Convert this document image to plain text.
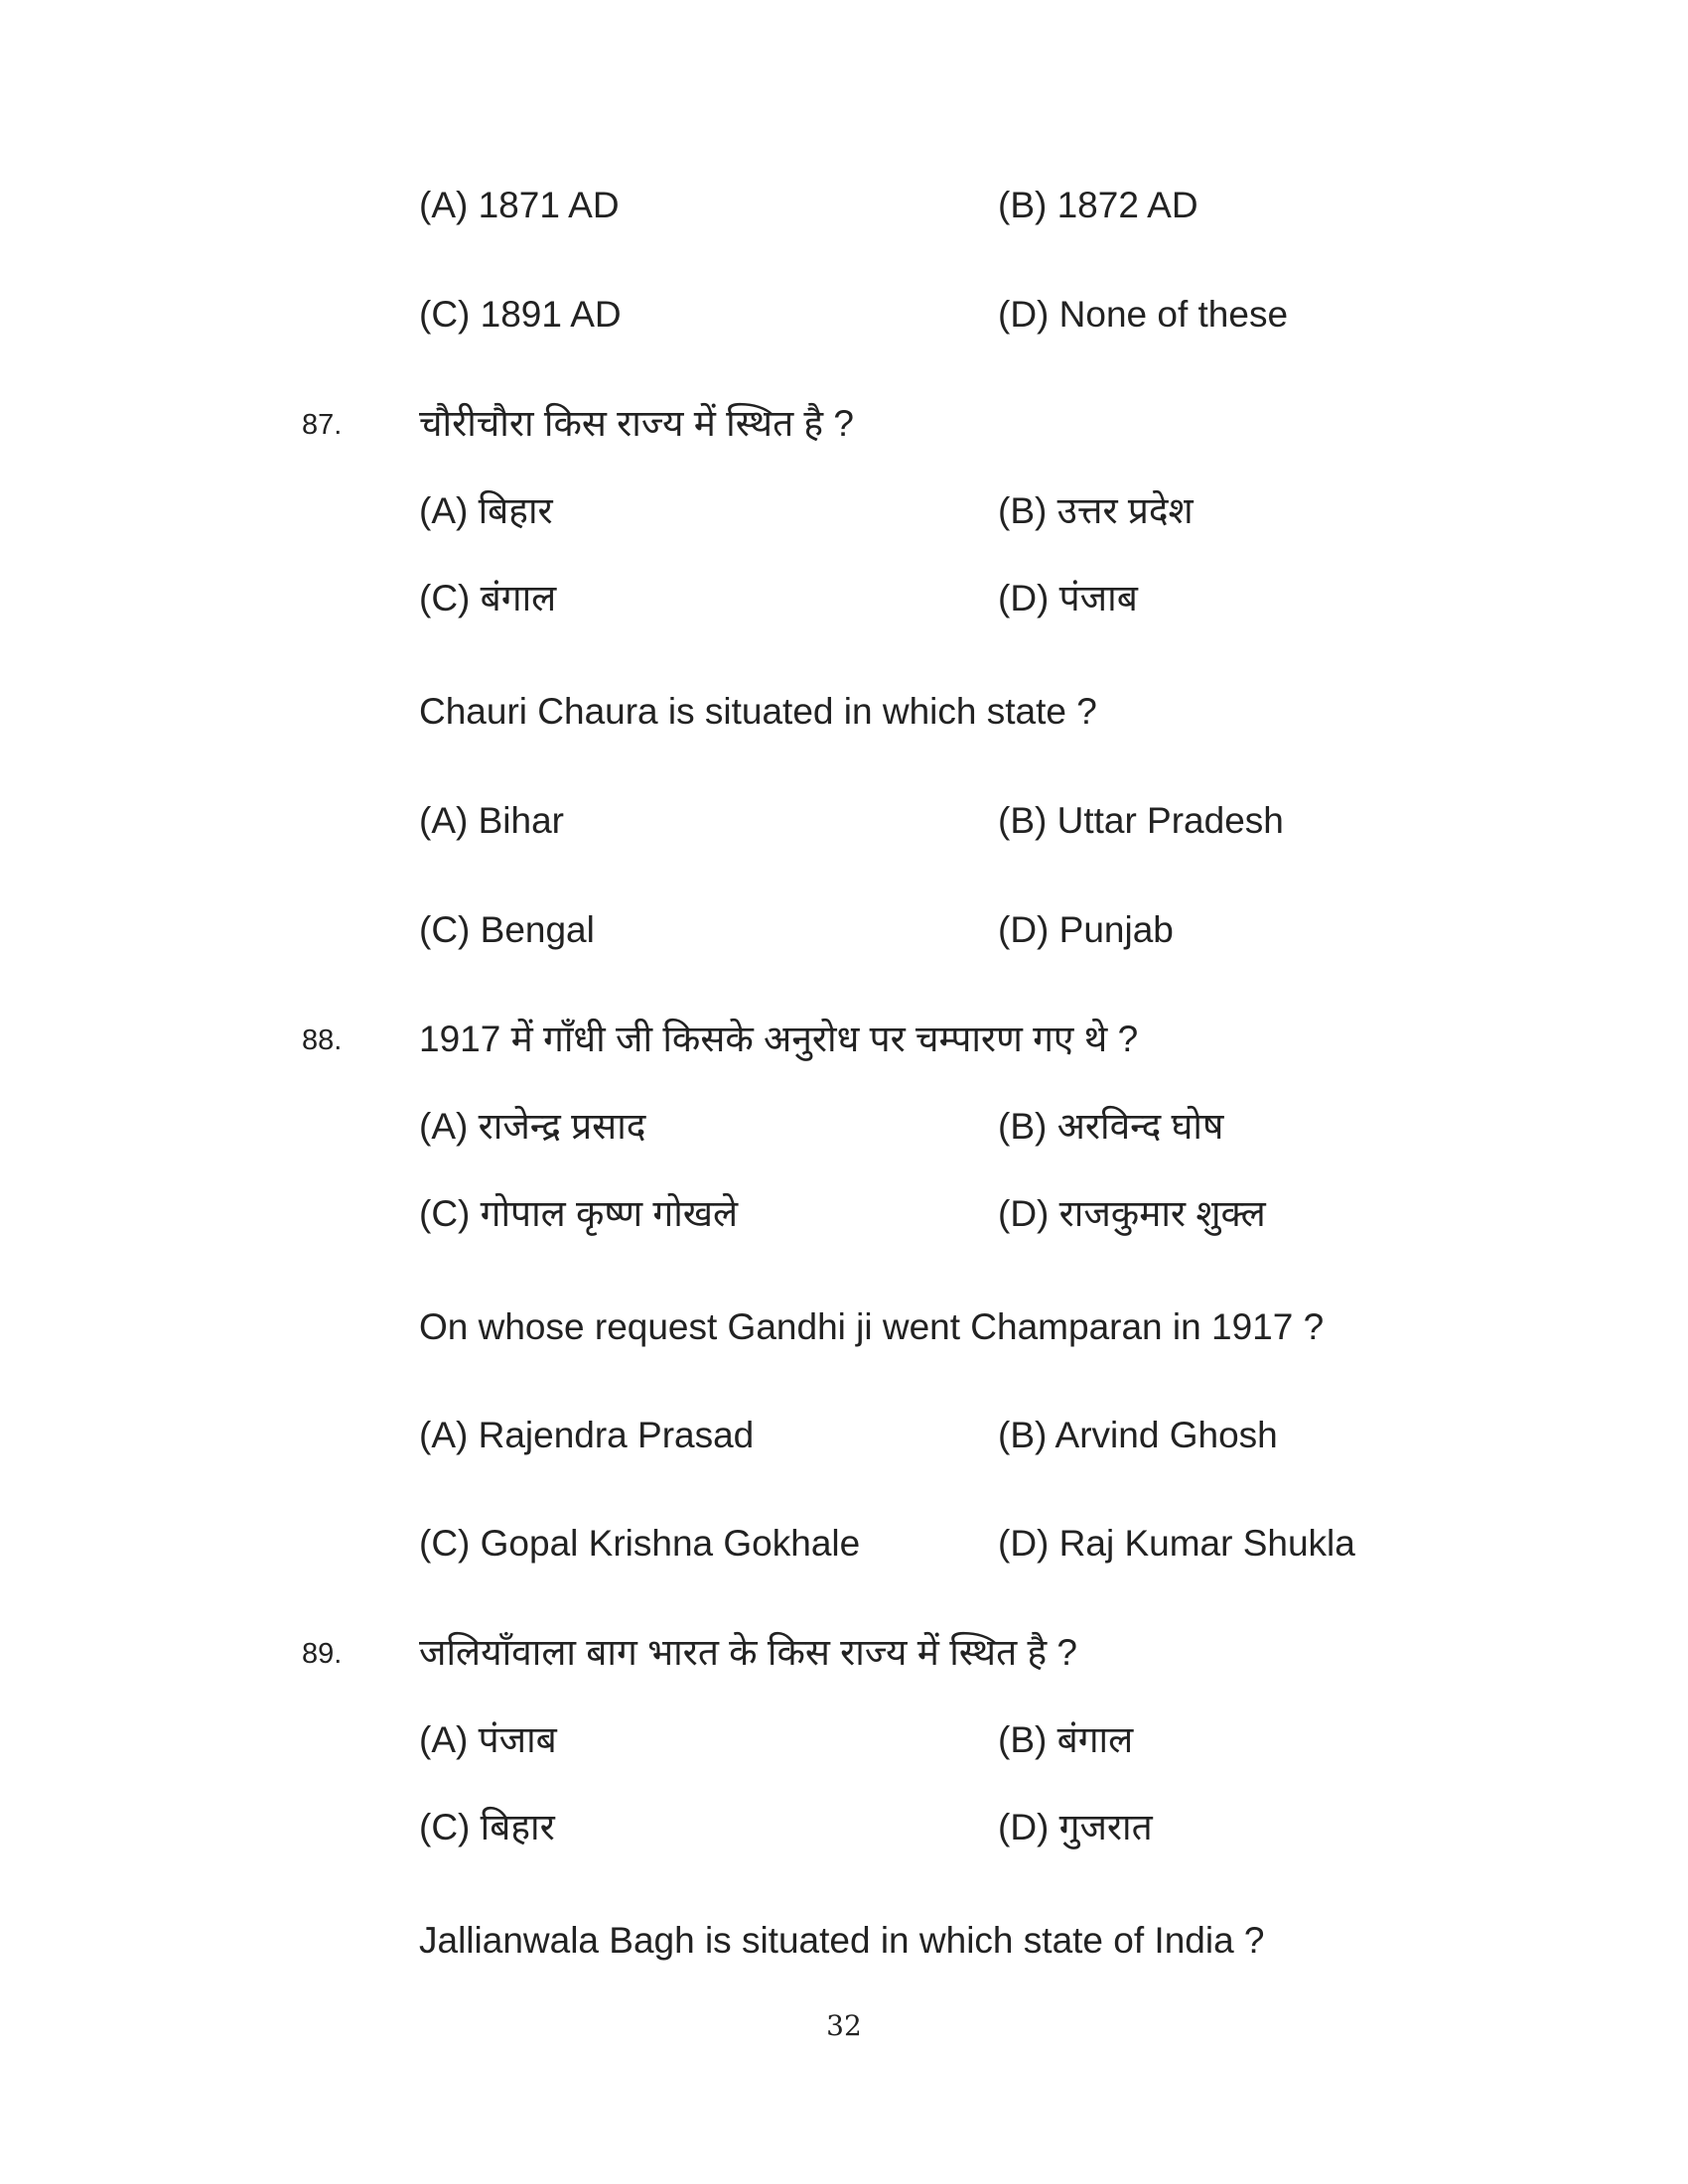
(A) 1871 AD	(B) 1872 AD
(C) 1891 AD	(D) None of these
87. चौरीचौरा किस राज्य में स्थित है ?
(A) बिहार	(B) उत्तर प्रदेश
(C) बंगाल	(D) पंजाब
Chauri Chaura is situated in which state ?
(A) Bihar	(B) Uttar Pradesh
(C) Bengal	(D) Punjab
88. 1917 में गाँधी जी किसके अनुरोध पर चम्पारण गए थे ?
(A) राजेन्द्र प्रसाद	(B) अरविन्द घोष
(C) गोपाल कृष्ण गोखले	(D) राजकुमार शुक्ल
On whose request Gandhi ji went Champaran in 1917 ?
(A) Rajendra Prasad	(B) Arvind Ghosh
(C) Gopal Krishna Gokhale	(D) Raj Kumar Shukla
89. जलियाँवाला बाग भारत के किस राज्य में स्थित है ?
(A) पंजाब	(B) बंगाल
(C) बिहार	(D) गुजरात
Jallianwala Bagh is situated in which state of India ?
32
